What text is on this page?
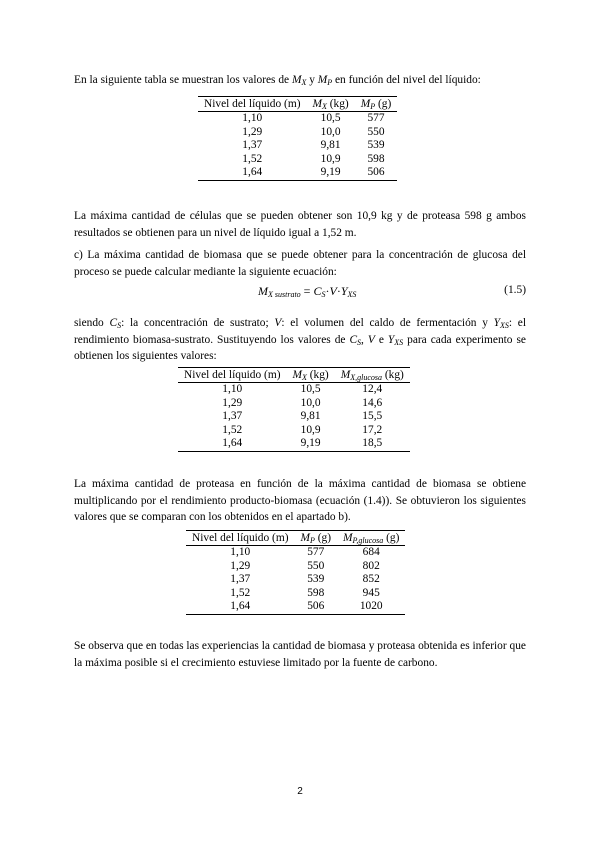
En la siguiente tabla se muestran los valores de $M_X$ y $M_P$ en función del nivel del líquido:

Nivel del líquido (m)	$M_X$ (kg)	$M_P$ (g)
1,10	10,5	577
1,29	10,0	550
1,37	9,81	539
1,52	10,9	598
1,64	9,19	506

La máxima cantidad de células que se pueden obtener son 10,9 kg y de proteasa 598 g ambos resultados se obtienen para un nivel de líquido igual a 1,52 m.

c) La máxima cantidad de biomasa que se puede obtener para la concentración de glucosa del proceso se puede calcular mediante la siguiente ecuación:

$M_{X sustrato} = C_S\cdot V\cdot Y_{XS}$	(1.5)

siendo $C_S$: la concentración de sustrato; V: el volumen del caldo de fermentación y $Y_{XS}$: el rendimiento biomasa-sustrato. Sustituyendo los valores de $C_S$, V e $Y_{XS}$ para cada experimento se obtienen los siguientes valores:

Nivel del líquido (m)	$M_X$ (kg)	$M_{X,glucosa}$ (kg)
1,10	10,5	12,4
1,29	10,0	14,6
1,37	9,81	15,5
1,52	10,9	17,2
1,64	9,19	18,5

La máxima cantidad de proteasa en función de la máxima cantidad de biomasa se obtiene multiplicando por el rendimiento producto-biomasa (ecuación (1.4)). Se obtuvieron los siguientes valores que se comparan con los obtenidos en el apartado b).

Nivel del líquido (m)	$M_P$ (g)	$M_{P,glucosa}$ (g)
1,10	577	684
1,29	550	802
1,37	539	852
1,52	598	945
1,64	506	1020

Se observa que en todas las experiencias la cantidad de biomasa y proteasa obtenida es inferior que la máxima posible si el crecimiento estuviese limitado por la fuente de carbono.

2
